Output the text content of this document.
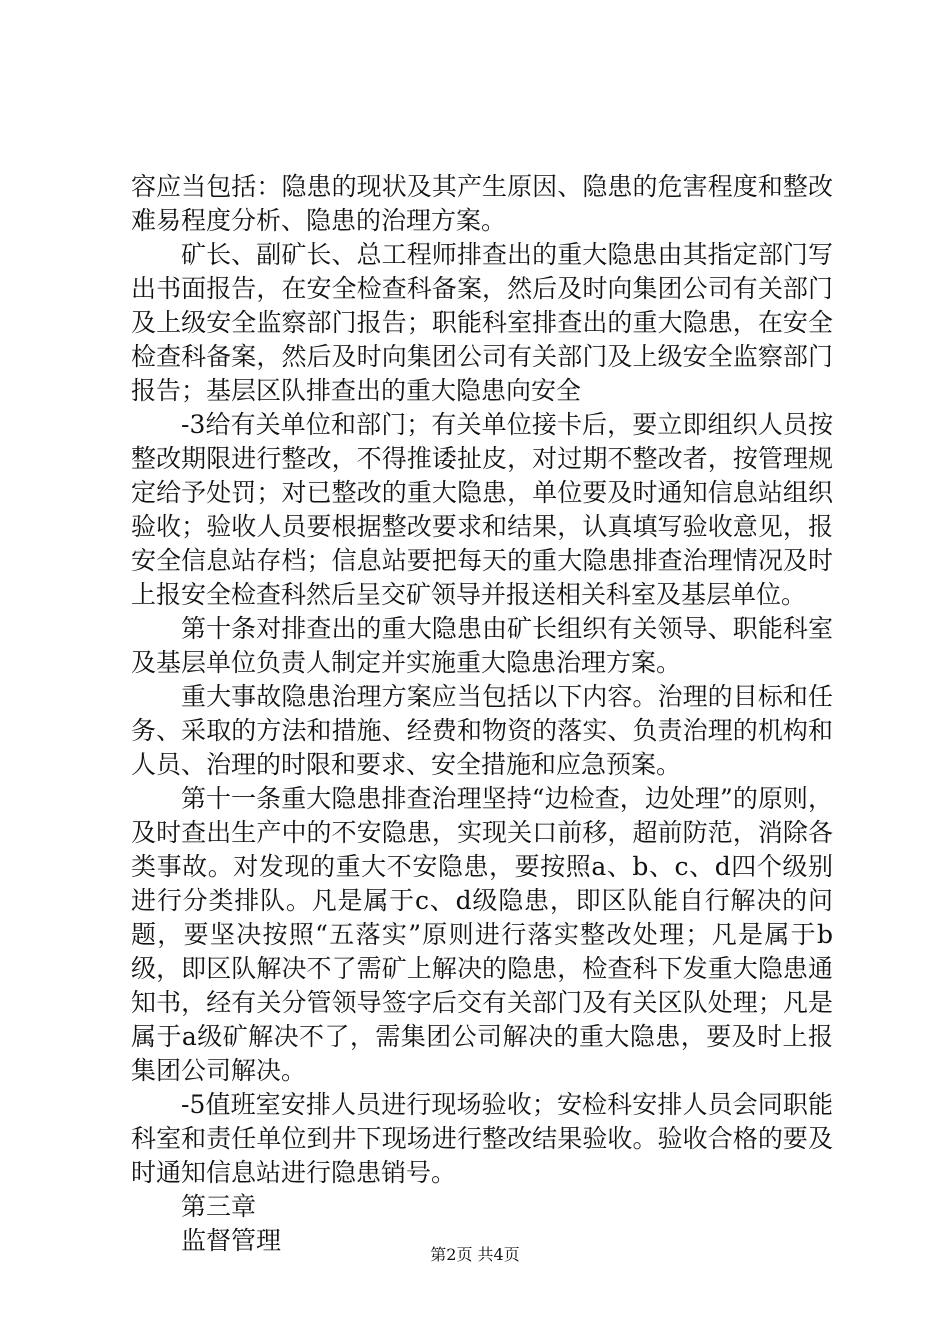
容应当包括：隐患的现状及其产生原因、隐患的危害程度和整改难易程度分析、隐患的治理方案。

矿长、副矿长、总工程师排查出的重大隐患由其指定部门写出书面报告，在安全检查科备案，然后及时向集团公司有关部门及上级安全监察部门报告；职能科室排查出的重大隐患，在安全检查科备案，然后及时向集团公司有关部门及上级安全监察部门报告；基层区队排查出的重大隐患向安全

-3给有关单位和部门；有关单位接卡后，要立即组织人员按整改期限进行整改，不得推诿扯皮，对过期不整改者，按管理规定给予处罚；对已整改的重大隐患，单位要及时通知信息站组织验收；验收人员要根据整改要求和结果，认真填写验收意见，报安全信息站存档；信息站要把每天的重大隐患排查治理情况及时上报安全检查科然后呈交矿领导并报送相关科室及基层单位。

第十条对排查出的重大隐患由矿长组织有关领导、职能科室及基层单位负责人制定并实施重大隐患治理方案。

重大事故隐患治理方案应当包括以下内容。治理的目标和任务、采取的方法和措施、经费和物资的落实、负责治理的机构和人员、治理的时限和要求、安全措施和应急预案。

第十一条重大隐患排查治理坚持“边检查，边处理”的原则，及时查出生产中的不安隐患，实现关口前移，超前防范，消除各类事故。对发现的重大不安隐患，要按照a、b、c、d四个级别进行分类排队。凡是属于c、d级隐患，即区队能自行解决的问题，要坚决按照“五落实”原则进行落实整改处理；凡是属于b级，即区队解决不了需矿上解决的隐患，检查科下发重大隐患通知书，经有关分管领导签字后交有关部门及有关区队处理；凡是属于a级矿解决不了，需集团公司解决的重大隐患，要及时上报集团公司解决。

-5值班室安排人员进行现场验收；安检科安排人员会同职能科室和责任单位到井下现场进行整改结果验收。验收合格的要及时通知信息站进行隐患销号。

第三章

监督管理	第2页 共4页
